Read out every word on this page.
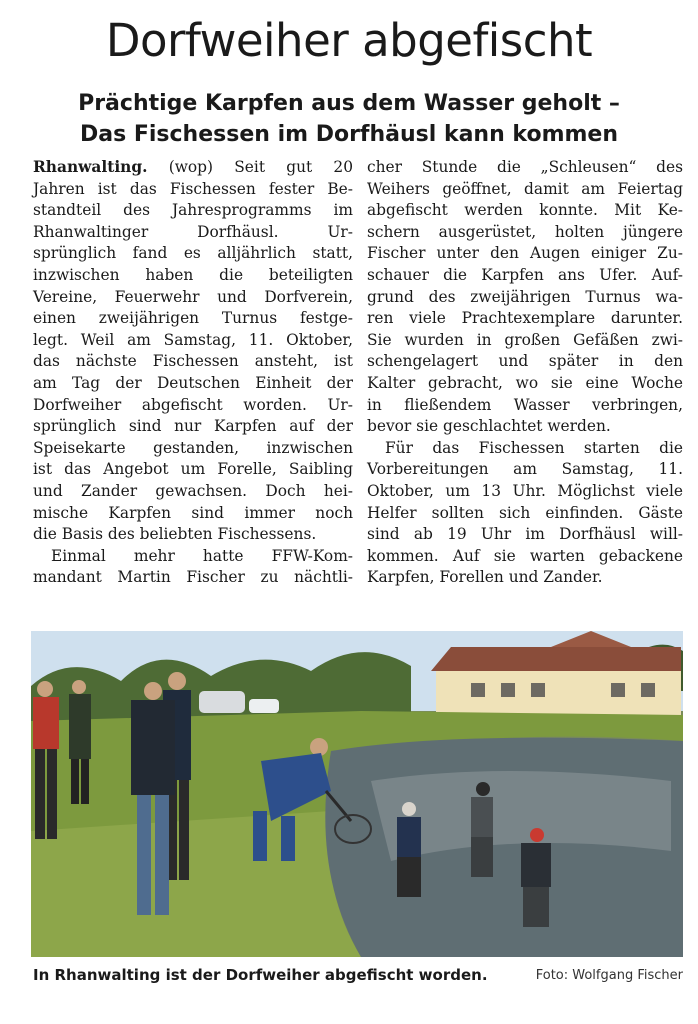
Dorfweiher abgefischt
Prächtige Karpfen aus dem Wasser geholt –
Das Fischessen im Dorfhäusl kann kommen
Rhanwalting. (wop) Seit gut 20
Jahren ist das Fischessen fester Be-
standteil des Jahresprogramms im
Rhanwaltinger Dorfhäusl. Ur-
sprünglich fand es alljährlich statt,
inzwischen haben die beteiligten
Vereine, Feuerwehr und Dorfverein,
einen zweijährigen Turnus festge-
legt. Weil am Samstag, 11. Oktober,
das nächste Fischessen ansteht, ist
am Tag der Deutschen Einheit der
Dorfweiher abgefischt worden. Ur-
sprünglich sind nur Karpfen auf der
Speisekarte gestanden, inzwischen
ist das Angebot um Forelle, Saibling
und Zander gewachsen. Doch hei-
mische Karpfen sind immer noch
die Basis des beliebten Fischessens.
Einmal mehr hatte FFW-Kom-
mandant Martin Fischer zu nächtli-
cher Stunde die „Schleusen“ des
Weihers geöffnet, damit am Feiertag
abgefischt werden konnte. Mit Ke-
schern ausgerüstet, holten jüngere
Fischer unter den Augen einiger Zu-
schauer die Karpfen ans Ufer. Auf-
grund des zweijährigen Turnus wa-
ren viele Prachtexemplare darunter.
Sie wurden in großen Gefäßen zwi-
schengelagert und später in den
Kalter gebracht, wo sie eine Woche
in fließendem Wasser verbringen,
bevor sie geschlachtet werden.
Für das Fischessen starten die
Vorbereitungen am Samstag, 11.
Oktober, um 13 Uhr. Möglichst viele
Helfer sollten sich einfinden. Gäste
sind ab 19 Uhr im Dorfhäusl will-
kommen. Auf sie warten gebackene
Karpfen, Forellen und Zander.
In Rhanwalting ist der Dorfweiher abgefischt worden.	Foto: Wolfgang Fischer
